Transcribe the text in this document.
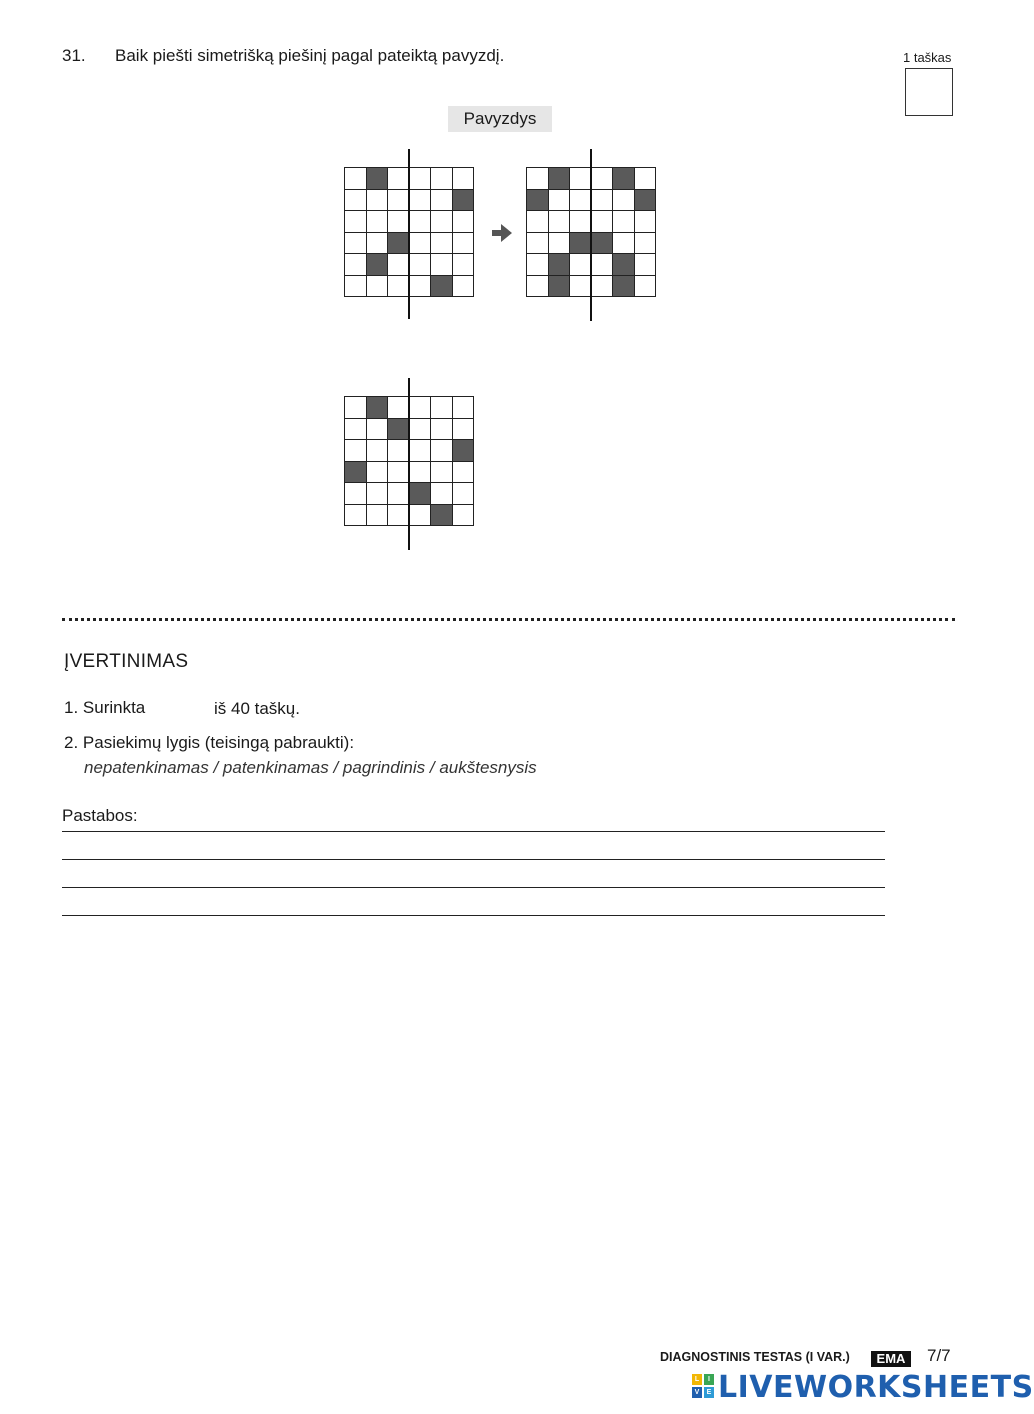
31. Baik piešti simetrišką piešinį pagal pateiktą pavyzdį.	1 taškas
Pavyzdys
ĮVERTINIMAS
1. Surinkta	iš 40 taškų.
2. Pasiekimų lygis (teisingą pabraukti):
nepatenkinamas / patenkinamas / pagrindinis / aukštesnysis
Pastabos:
DIAGNOSTINIS TESTAS (I VAR.)	EMA	7/7
L	I
V	E LIVEWORKSHEETS
